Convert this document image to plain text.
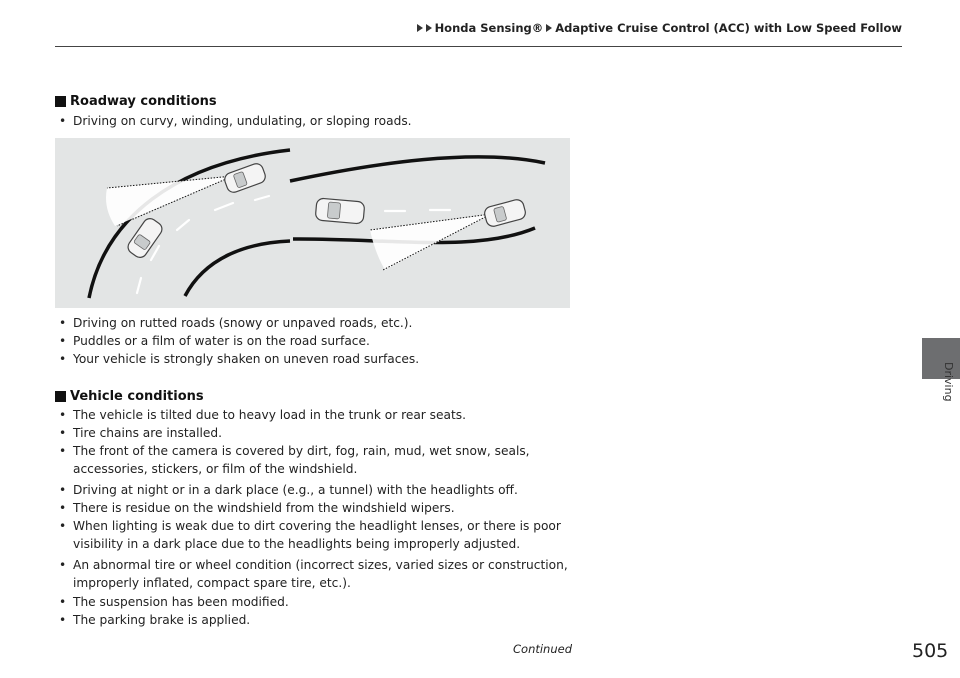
Honda Sensing® Adaptive Cruise Control (ACC) with Low Speed Follow
Driving
Roadway conditions
• Driving on curvy, winding, undulating, or sloping roads.
• Driving on rutted roads (snowy or unpaved roads, etc.).
• Puddles or a film of water is on the road surface.
• Your vehicle is strongly shaken on uneven road surfaces.
Vehicle conditions
• The vehicle is tilted due to heavy load in the trunk or rear seats.
• Tire chains are installed.
• The front of the camera is covered by dirt, fog, rain, mud, wet snow, seals, accessories, stickers, or film of the windshield.
• Driving at night or in a dark place (e.g., a tunnel) with the headlights off.
• There is residue on the windshield from the windshield wipers.
• When lighting is weak due to dirt covering the headlight lenses, or there is poor visibility in a dark place due to the headlights being improperly adjusted.
• An abnormal tire or wheel condition (incorrect sizes, varied sizes or construction, improperly inflated, compact spare tire, etc.).
• The suspension has been modified.
• The parking brake is applied.
Continued	505
